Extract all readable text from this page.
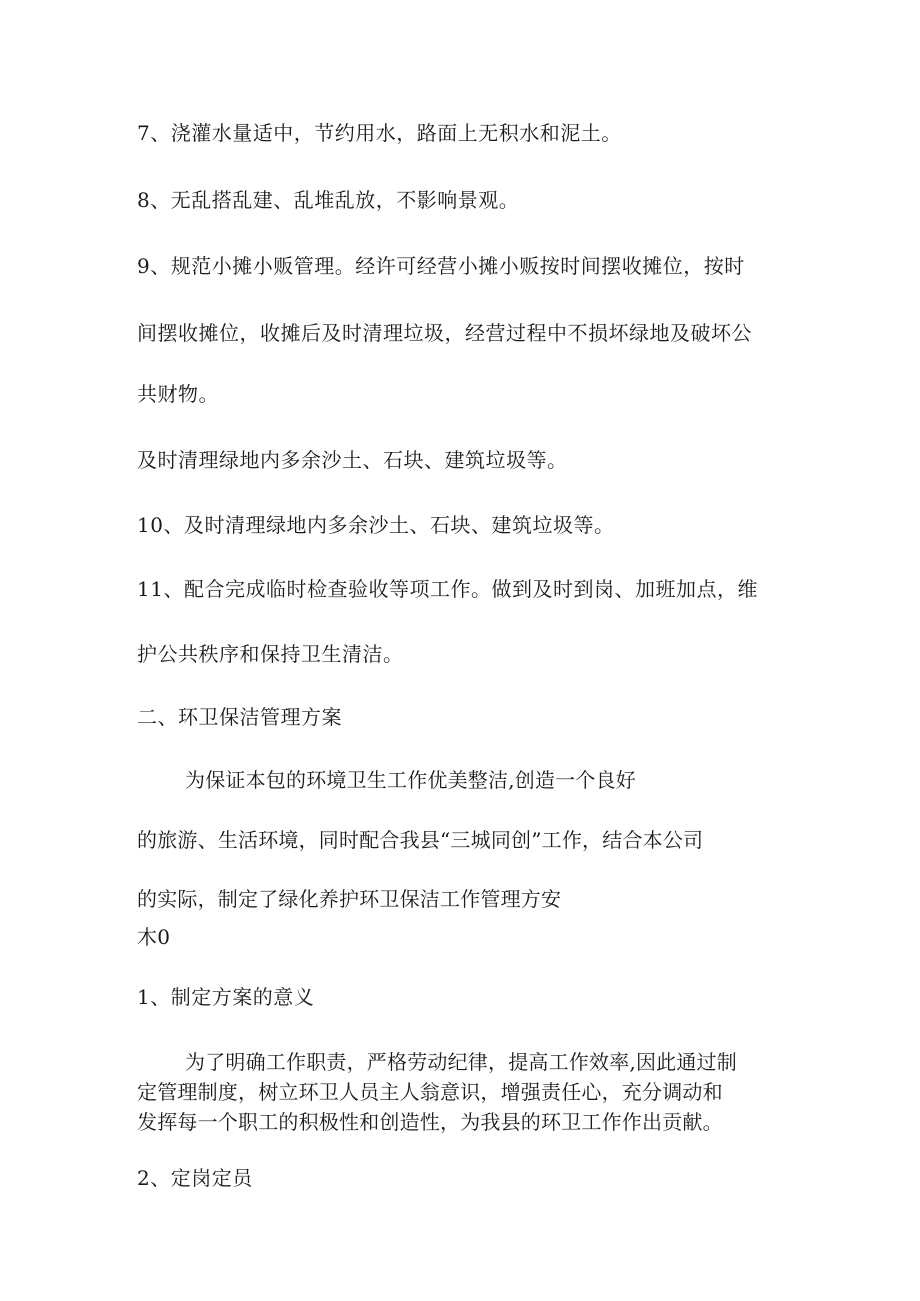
7、浇灌水量适中，节约用水，路面上无积水和泥土。
8、无乱搭乱建、乱堆乱放，不影响景观。
9、规范小摊小贩管理。经许可经营小摊小贩按时间摆收摊位，按时
间摆收摊位，收摊后及时清理垃圾，经营过程中不损坏绿地及破坏公
共财物。
及时清理绿地内多余沙土、石块、建筑垃圾等。
10、及时清理绿地内多余沙土、石块、建筑垃圾等。
11、配合完成临时检查验收等项工作。做到及时到岗、加班加点，维
护公共秩序和保持卫生清洁。
二、环卫保洁管理方案
为保证本包的环境卫生工作优美整洁,创造一个良好
的旅游、生活环境，同时配合我县“三城同创”工作，结合本公司
的实际，制定了绿化养护环卫保洁工作管理方安
木0
1、制定方案的意义
为了明确工作职责，严格劳动纪律，提高工作效率,因此通过制
定管理制度，树立环卫人员主人翁意识，增强责任心，充分调动和
发挥每一个职工的积极性和创造性，为我县的环卫工作作出贡献。
2、定岗定员
